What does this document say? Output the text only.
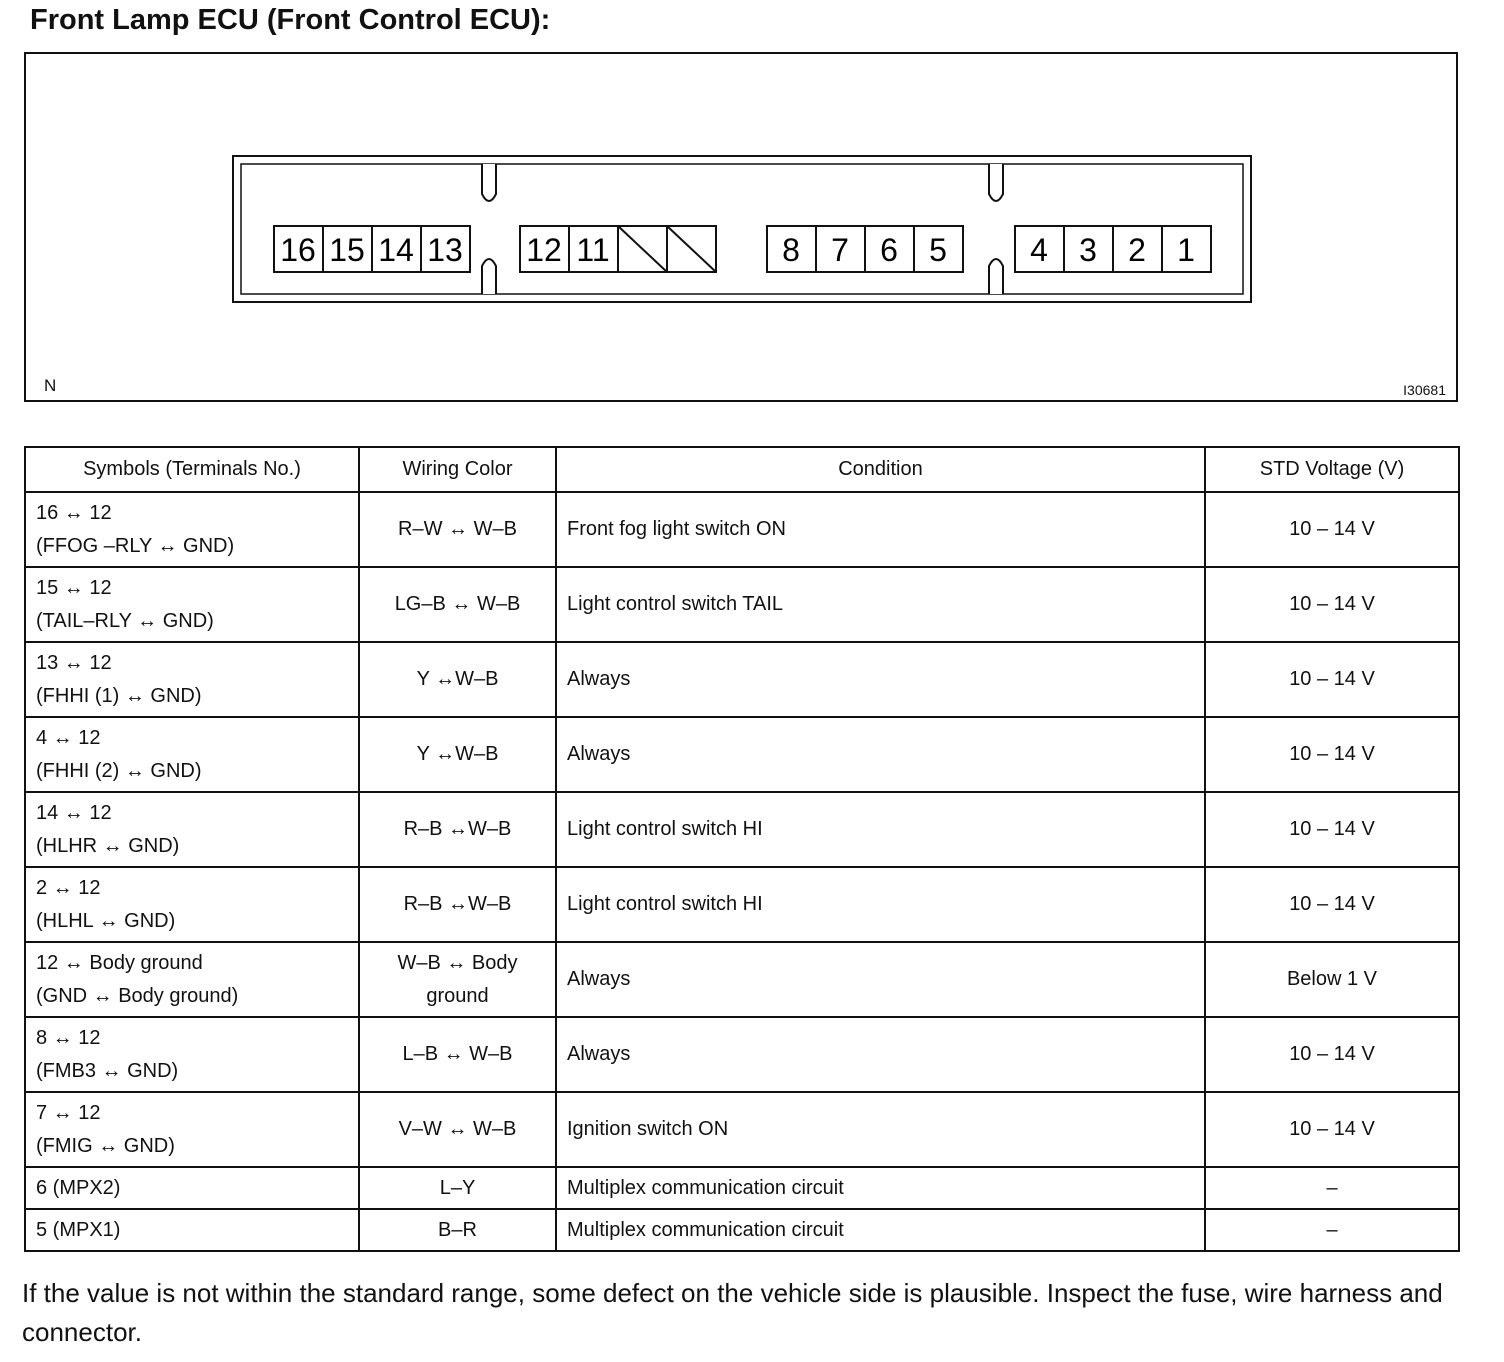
Front Lamp ECU (Front Control ECU):
16 15 14 13 12 11	8 7 6 5	4 3 2 1
N	I30681
Symbols (Terminals No.)	Wiring Color	Condition	STD Voltage (V)

16 ↔ 12
(FFOG –RLY ↔ GND)	R–W ↔ W–B	Front fog light switch ON	10 – 14 V

15 ↔ 12
(TAIL–RLY ↔ GND)	LG–B ↔ W–B	Light control switch TAIL	10 – 14 V

13 ↔ 12
(FHHI (1) ↔ GND)	Y ↔W–B	Always	10 – 14 V

4 ↔ 12
(FHHI (2) ↔ GND)	Y ↔W–B	Always	10 – 14 V

14 ↔ 12
(HLHR ↔ GND)	R–B ↔W–B	Light control switch HI	10 – 14 V

2 ↔ 12
(HLHL ↔ GND)	R–B ↔W–B	Light control switch HI	10 – 14 V

12 ↔ Body ground
(GND ↔ Body ground)	W–B ↔ Body
ground	Always	Below 1 V

8 ↔ 12
(FMB3 ↔ GND)	L–B ↔ W–B	Always	10 – 14 V

7 ↔ 12
(FMIG ↔ GND)	V–W ↔ W–B	Ignition switch ON	10 – 14 V
6 (MPX2)	L–Y	Multiplex communication circuit	–
5 (MPX1)	B–R	Multiplex communication circuit	–
If the value is not within the standard range, some defect on the vehicle side is plausible. Inspect the fuse, wire harness and connector.
